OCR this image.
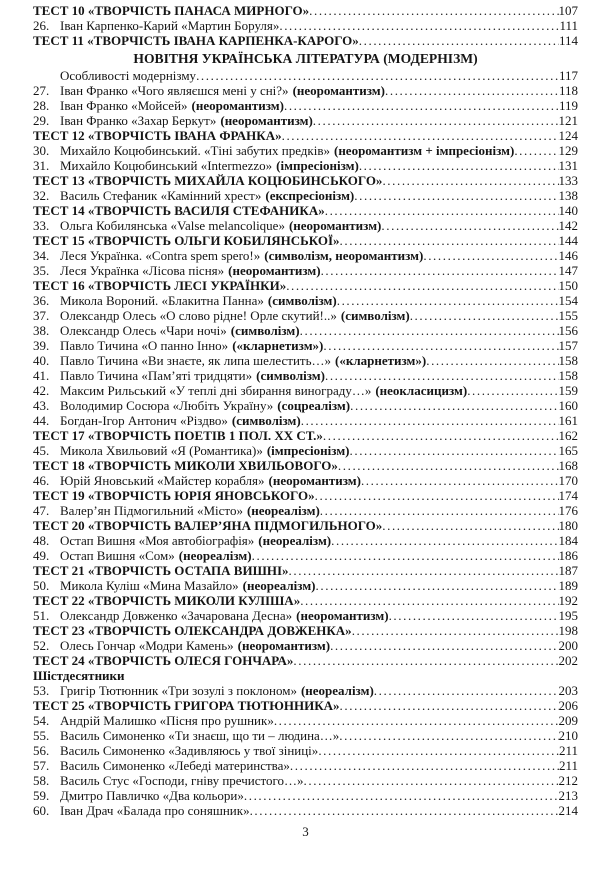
ТЕСТ 10 «ТВОРЧІСТЬ ПАНАСА МИРНОГО» .....	107
26. Іван Карпенко-Карий «Мартин Боруля» .....	111
ТЕСТ 11 «ТВОРЧІСТЬ ІВАНА КАРПЕНКА-КАРОГО» .....	114
НОВІТНЯ УКРАЇНСЬКА ЛІТЕРАТУРА (МОДЕРНІЗМ)
Особливості модернізму .....	117
27. Іван Франко «Чого являєшся мені у сні?» (неоромантизм) .....	118
28. Іван Франко «Мойсей» (неоромантизм) .....	119
29. Іван Франко «Захар Беркут» (неоромантизм) .....	121
ТЕСТ 12 «ТВОРЧІСТЬ ІВАНА ФРАНКА» .....	124
30. Михайло Коцюбинський. «Тіні забутих предків» (неоромантизм + імпресіонізм) .....	129
31. Михайло Коцюбинський «Intermezzo» (імпресіонізм) .....	131
ТЕСТ 13 «ТВОРЧІСТЬ МИХАЙЛА КОЦЮБИНСЬКОГО» .....	133
32. Василь Стефаник «Камінний хрест» (експресіонізм) .....	138
ТЕСТ 14 «ТВОРЧІСТЬ ВАСИЛЯ СТЕФАНИКА» .....	140
33. Ольга Кобилянська «Valse melancolique» (неоромантизм) .....	142
ТЕСТ 15 «ТВОРЧІСТЬ ОЛЬГИ КОБИЛЯНСЬКОЇ» .....	144
34. Леся Українка. «Contra spem spero!» (символізм, неоромантизм) .....	146
35. Леся Українка «Лісова пісня» (неоромантизм) .....	147
ТЕСТ 16 «ТВОРЧІСТЬ ЛЕСІ УКРАЇНКИ» .....	150
36. Микола Вороний. «Блакитна Панна» (символізм) .....	154
37. Олександр Олесь «О слово рідне! Орле скутий!..» (символізм) .....	155
38. Олександр Олесь «Чари ночі» (символізм) .....	156
39. Павло Тичина «О панно Інно» («кларнетизм») .....	157
40. Павло Тичина «Ви знаєте, як липа шелестить…» («кларнетизм») .....	158
41. Павло Тичина «Пам’яті тридцяти» (символізм) .....	158
42. Максим Рильський «У теплі дні збирання винограду…» (неокласицизм) .....	159
43. Володимир Сосюра «Любіть Україну» (соцреалізм) .....	160
44. Богдан-Ігор Антонич «Різдво» (символізм) .....	161
ТЕСТ 17 «ТВОРЧІСТЬ ПОЕТІВ 1 ПОЛ. ХХ СТ.» .....	162
45. Микола Хвильовий «Я (Романтика)» (імпресіонізм) .....	165
ТЕСТ 18 «ТВОРЧІСТЬ МИКОЛИ ХВИЛЬОВОГО» .....	168
46. Юрій Яновський «Майстер корабля» (неоромантизм) .....	170
ТЕСТ 19 «ТВОРЧІСТЬ ЮРІЯ ЯНОВСЬКОГО» .....	174
47. Валер’ян Підмогильний «Місто» (неореалізм) .....	176
ТЕСТ 20 «ТВОРЧІСТЬ ВАЛЕР’ЯНА ПІДМОГИЛЬНОГО» .....	180
48. Остап Вишня «Моя автобіографія» (неореалізм) .....	184
49. Остап Вишня «Сом» (неореалізм) .....	186
ТЕСТ 21 «ТВОРЧІСТЬ ОСТАПА ВИШНІ» .....	187
50. Микола Куліш «Мина Мазайло» (неореалізм) .....	189
ТЕСТ 22 «ТВОРЧІСТЬ МИКОЛИ КУЛІША» .....	192
51. Олександр Довженко «Зачарована Десна» (неоромантизм) .....	195
ТЕСТ 23 «ТВОРЧІСТЬ ОЛЕКСАНДРА ДОВЖЕНКА» .....	198
52. Олесь Гончар «Модри Камень» (неоромантизм) .....	200
ТЕСТ 24 «ТВОРЧІСТЬ ОЛЕСЯ ГОНЧАРА» .....	202
Шістдесятники
53. Григір Тютюнник «Три зозулі з поклоном» (неореалізм) .....	203
ТЕСТ 25 «ТВОРЧІСТЬ ГРИГОРА ТЮТЮННИКА» .....	206
54. Андрій Малишко «Пісня про рушник» .....	209
55. Василь Симоненко «Ти знаєш, що ти – людина…» .....	210
56. Василь Симоненко «Задивляюсь у твої зіниці» .....	211
57. Василь Симоненко «Лебеді материнства» .....	211
58. Василь Стус «Господи, гніву пречистого…» .....	212
59. Дмитро Павличко «Два кольори» .....	213
60. Іван Драч «Балада про соняшник» .....	214
3
